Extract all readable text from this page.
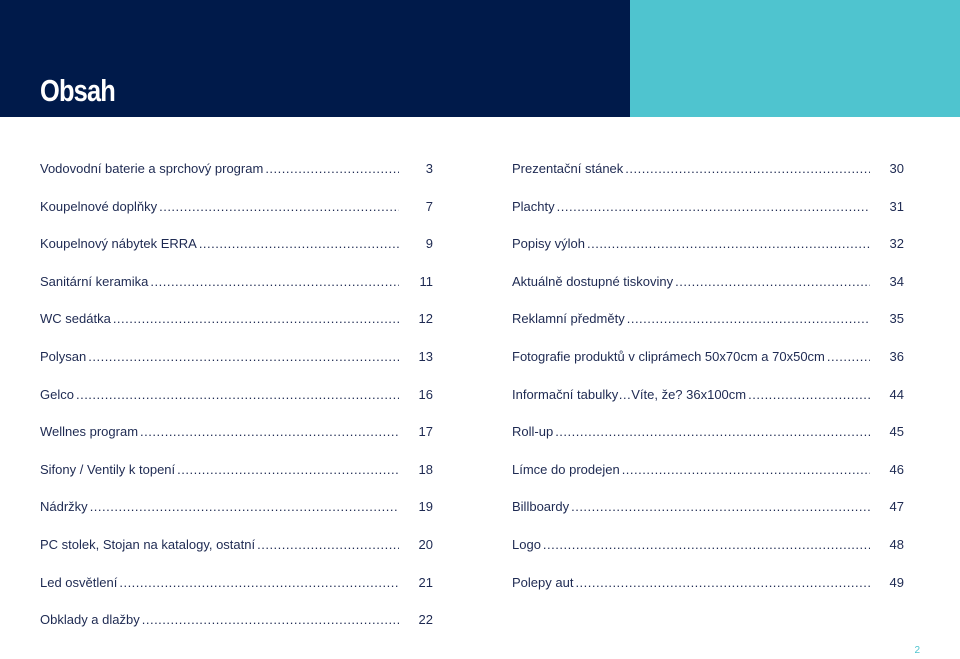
Obsah
Vodovodní baterie a sprchový program .....	3
Koupelnové doplňky .....	7
Koupelnový nábytek ERRA .....	9
Sanitární keramika .....	11
WC sedátka .....	12
Polysan .....	13
Gelco .....	16
Wellnes program .....	17
Sifony / Ventily k topení .....	18
Nádržky .....	19
PC stolek, Stojan na katalogy, ostatní .....	20
Led osvětlení .....	21
Obklady a dlažby .....	22
Prezentační stánek .....	30
Plachty .....	31
Popisy výloh .....	32
Aktuálně dostupné tiskoviny .....	34
Reklamní předměty .....	35
Fotografie produktů v cliprámech 50x70cm a 70x50cm .....	36
Informační tabulky…Víte, že? 36x100cm .....	44
Roll-up .....	45
Límce do prodejen .....	46
Billboardy .....	47
Logo .....	48
Polepy aut .....	49
2
